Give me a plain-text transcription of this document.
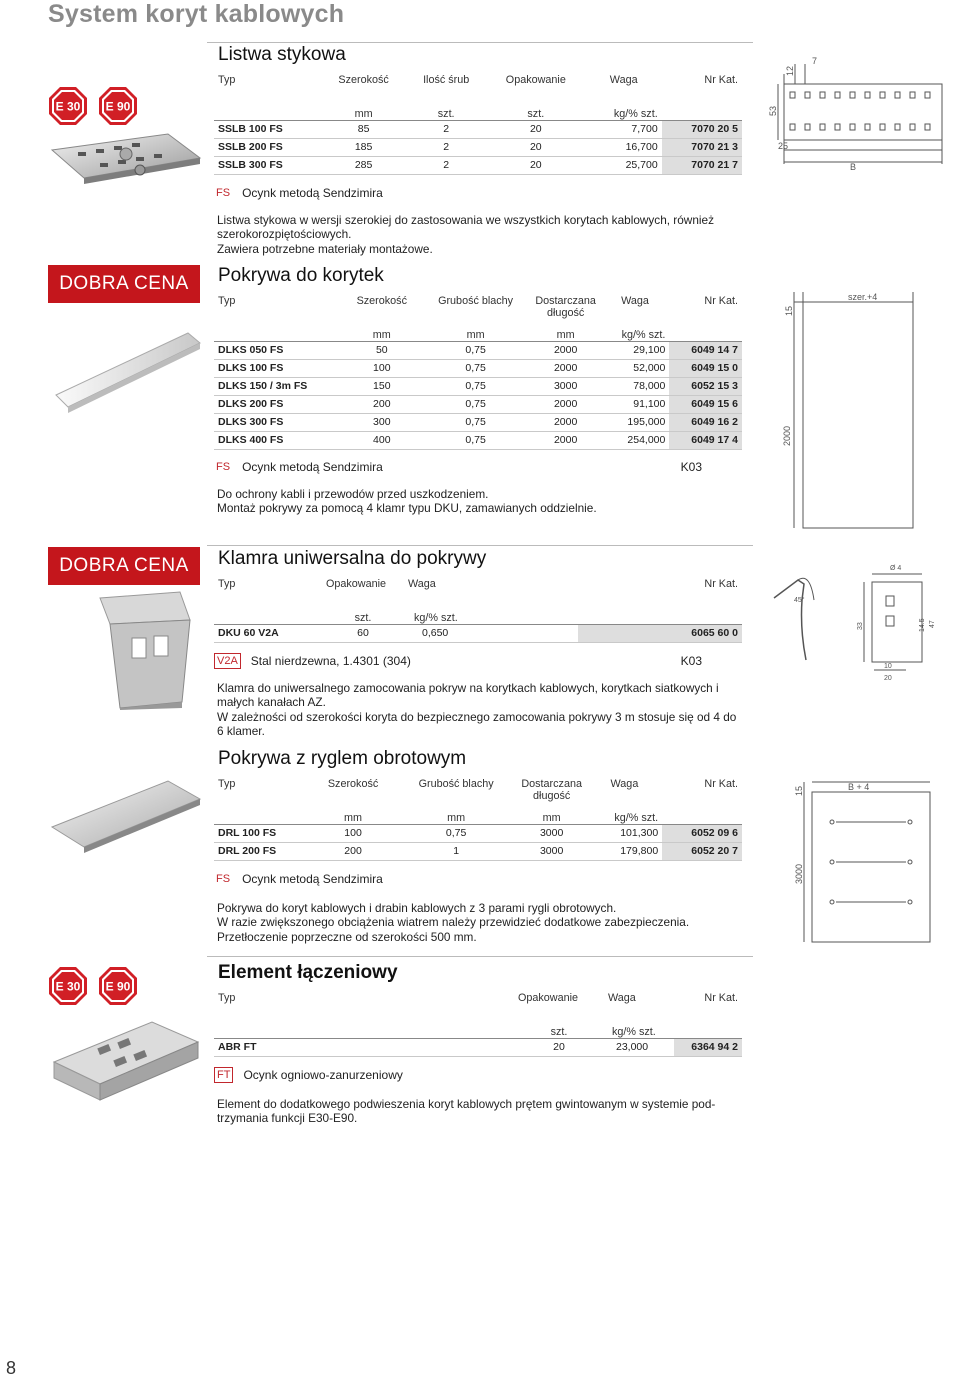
System koryt kablowych
E 30 E 90
Listwa stykowa
Typ	Szerokość	Ilość śrub	Opakowanie	Waga	Nr Kat.
	mm	szt.	szt.	kg/% szt.	
SSLB 100 FS	85	2	20	7,700	7070 20 5
SSLB 200 FS	185	2	20	16,700	7070 21 3
SSLB 300 FS	285	2	20	25,700	7070 21 7
FS Ocynk metodą Sendzimira
Listwa stykowa w wersji szerokiej do zastosowania we wszystkich korytach kablowych, również szerokorozpiętościowych.
Zawiera potrzebne materiały montażowe.
12
7
53
25
B
DOBRA CENA	Pokrywa do korytek
Typ	Szerokość	Grubość blachy	Dostarczana długość	Waga	Nr Kat.
	mm	mm	mm	kg/% szt.	
DLKS 050 FS	50	0,75	2000	29,100	6049 14 7
DLKS 100 FS	100	0,75	2000	52,000	6049 15 0
DLKS 150 / 3m FS	150	0,75	3000	78,000	6052 15 3
DLKS 200 FS	200	0,75	2000	91,100	6049 15 6
DLKS 300 FS	300	0,75	2000	195,000	6049 16 2
DLKS 400 FS	400	0,75	2000	254,000	6049 17 4
FS Ocynk metodą Sendzimira	K03
Do ochrony kabli i przewodów przed uszkodzeniem.
Montaż pokrywy za pomocą 4 klamr typu DKU, zamawianych oddzielnie.
15
szer.+4
2000
DOBRA CENA	Klamra uniwersalna do pokrywy
Typ	Opakowanie	Waga	Nr Kat.
	szt.	kg/% szt.	
DKU 60 V2A	60	0,650	6065 60 0
V2A Stal nierdzewna, 1.4301 (304)	K03
Klamra do uniwersalnego zamocowania pokryw na korytkach kablowych, korytkach siatkowych i małych kanałach AZ.
W zależności od szerokości koryta do bezpiecznego zamocowania pokrywy 3 m stosuje się od 4 do 6 klamer.
45°
Ø 4
33	14.5 47
10
20
Pokrywa z ryglem obrotowym
Typ	Szerokość	Grubość blachy	Dostarczana długość	Waga	Nr Kat.
	mm	mm	mm	kg/% szt.	
DRL 100 FS	100	0,75	3000	101,300	6052 09 6
DRL 200 FS	200	1	3000	179,800	6052 20 7
FS Ocynk metodą Sendzimira
Pokrywa do koryt kablowych i drabin kablowych z 3 parami rygli obrotowych.
W razie zwiększonego obciążenia wiatrem należy przewidzieć dodatkowe zabezpieczenia.
Przetłoczenie poprzeczne od szerokości 500 mm.
B + 4
15
3000
E 30 E 90
Element łączeniowy
Typ	Opakowanie	Waga	Nr Kat.
	szt.	kg/% szt.	
ABR FT	20	23,000	6364 94 2
FT Ocynk ogniowo-zanurzeniowy
Element do dodatkowego podwieszenia koryt kablowych prętem gwintowanym w systemie pod-trzymania funkcji E30-E90.
8
